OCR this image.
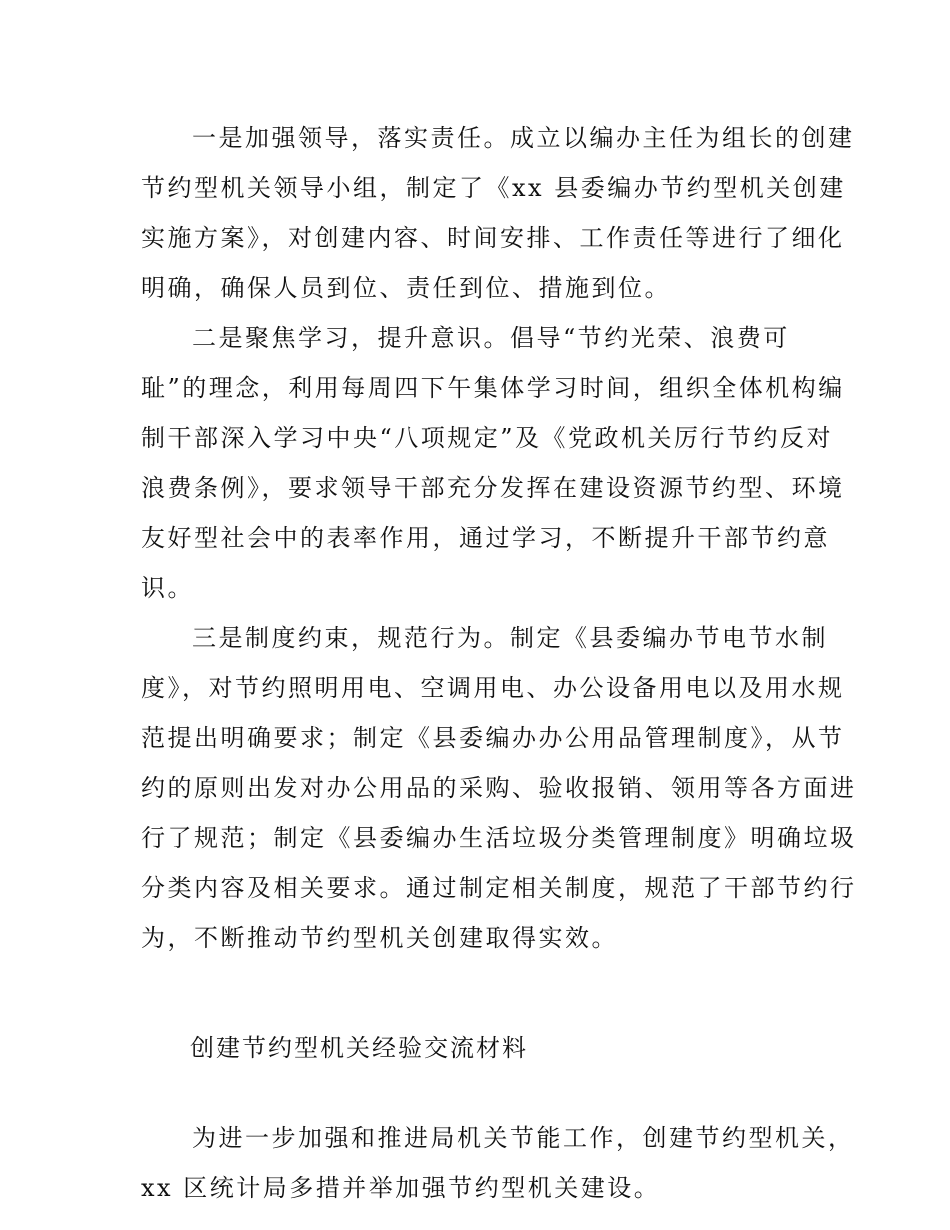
一是加强领导，落实责任。成立以编办主任为组长的创建
节约型机关领导小组，制定了《xx 县委编办节约型机关创建
实施方案》，对创建内容、时间安排、工作责任等进行了细化
明确，确保人员到位、责任到位、措施到位。
二是聚焦学习，提升意识。倡导“节约光荣、浪费可
耻”的理念，利用每周四下午集体学习时间，组织全体机构编
制干部深入学习中央“八项规定”及《党政机关厉行节约反对
浪费条例》，要求领导干部充分发挥在建设资源节约型、环境
友好型社会中的表率作用，通过学习，不断提升干部节约意
识。
三是制度约束，规范行为。制定《县委编办节电节水制
度》，对节约照明用电、空调用电、办公设备用电以及用水规
范提出明确要求；制定《县委编办办公用品管理制度》，从节
约的原则出发对办公用品的采购、验收报销、领用等各方面进
行了规范；制定《县委编办生活垃圾分类管理制度》明确垃圾
分类内容及相关要求。通过制定相关制度，规范了干部节约行
为，不断推动节约型机关创建取得实效。
创建节约型机关经验交流材料
为进一步加强和推进局机关节能工作，创建节约型机关，
xx 区统计局多措并举加强节约型机关建设。
